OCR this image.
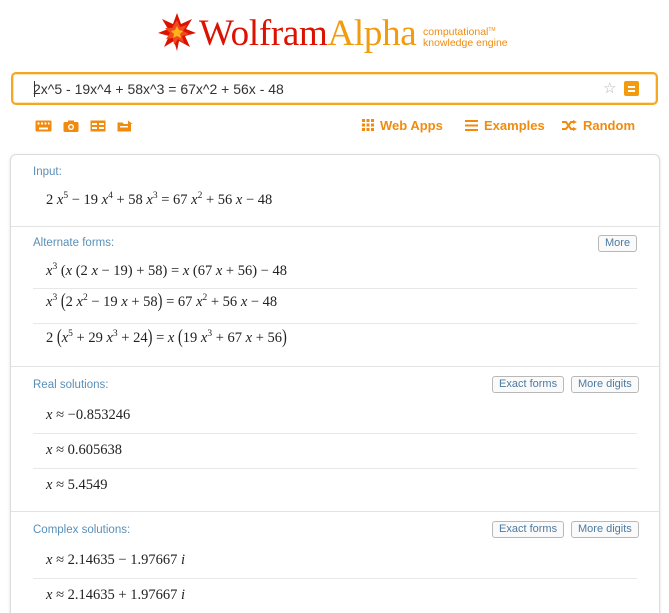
WolframAlpha computational™
knowledge engine
2x^5 - 19x^4 + 58x^3 = 67x^2 + 56x - 48
☆
Web Apps	Examples	Random
Input:
2 $x^5 - 19$ $x^4 + 58$ $x^3 = 67$ $x^2 + 56$ x − 48
Alternate forms:	More
$x^3$ (x (2 x − 19) + 58) = x (67 x + 56) − 48
$x^3$ (2 $x^2 - 19$ x + 58) = 67 $x^2 + 56$ x − 48
2 ($x^5 + 29$ $x^3 + 24) = x$ (19 $x^3 + 67$ x + 56)
Real solutions:	Exact forms	More digits
x ≈ −0.853246
x ≈ 0.605638
x ≈ 5.4549
Complex solutions:	Exact forms	More digits
x ≈ 2.14635 − 1.97667 i
x ≈ 2.14635 + 1.97667 i
